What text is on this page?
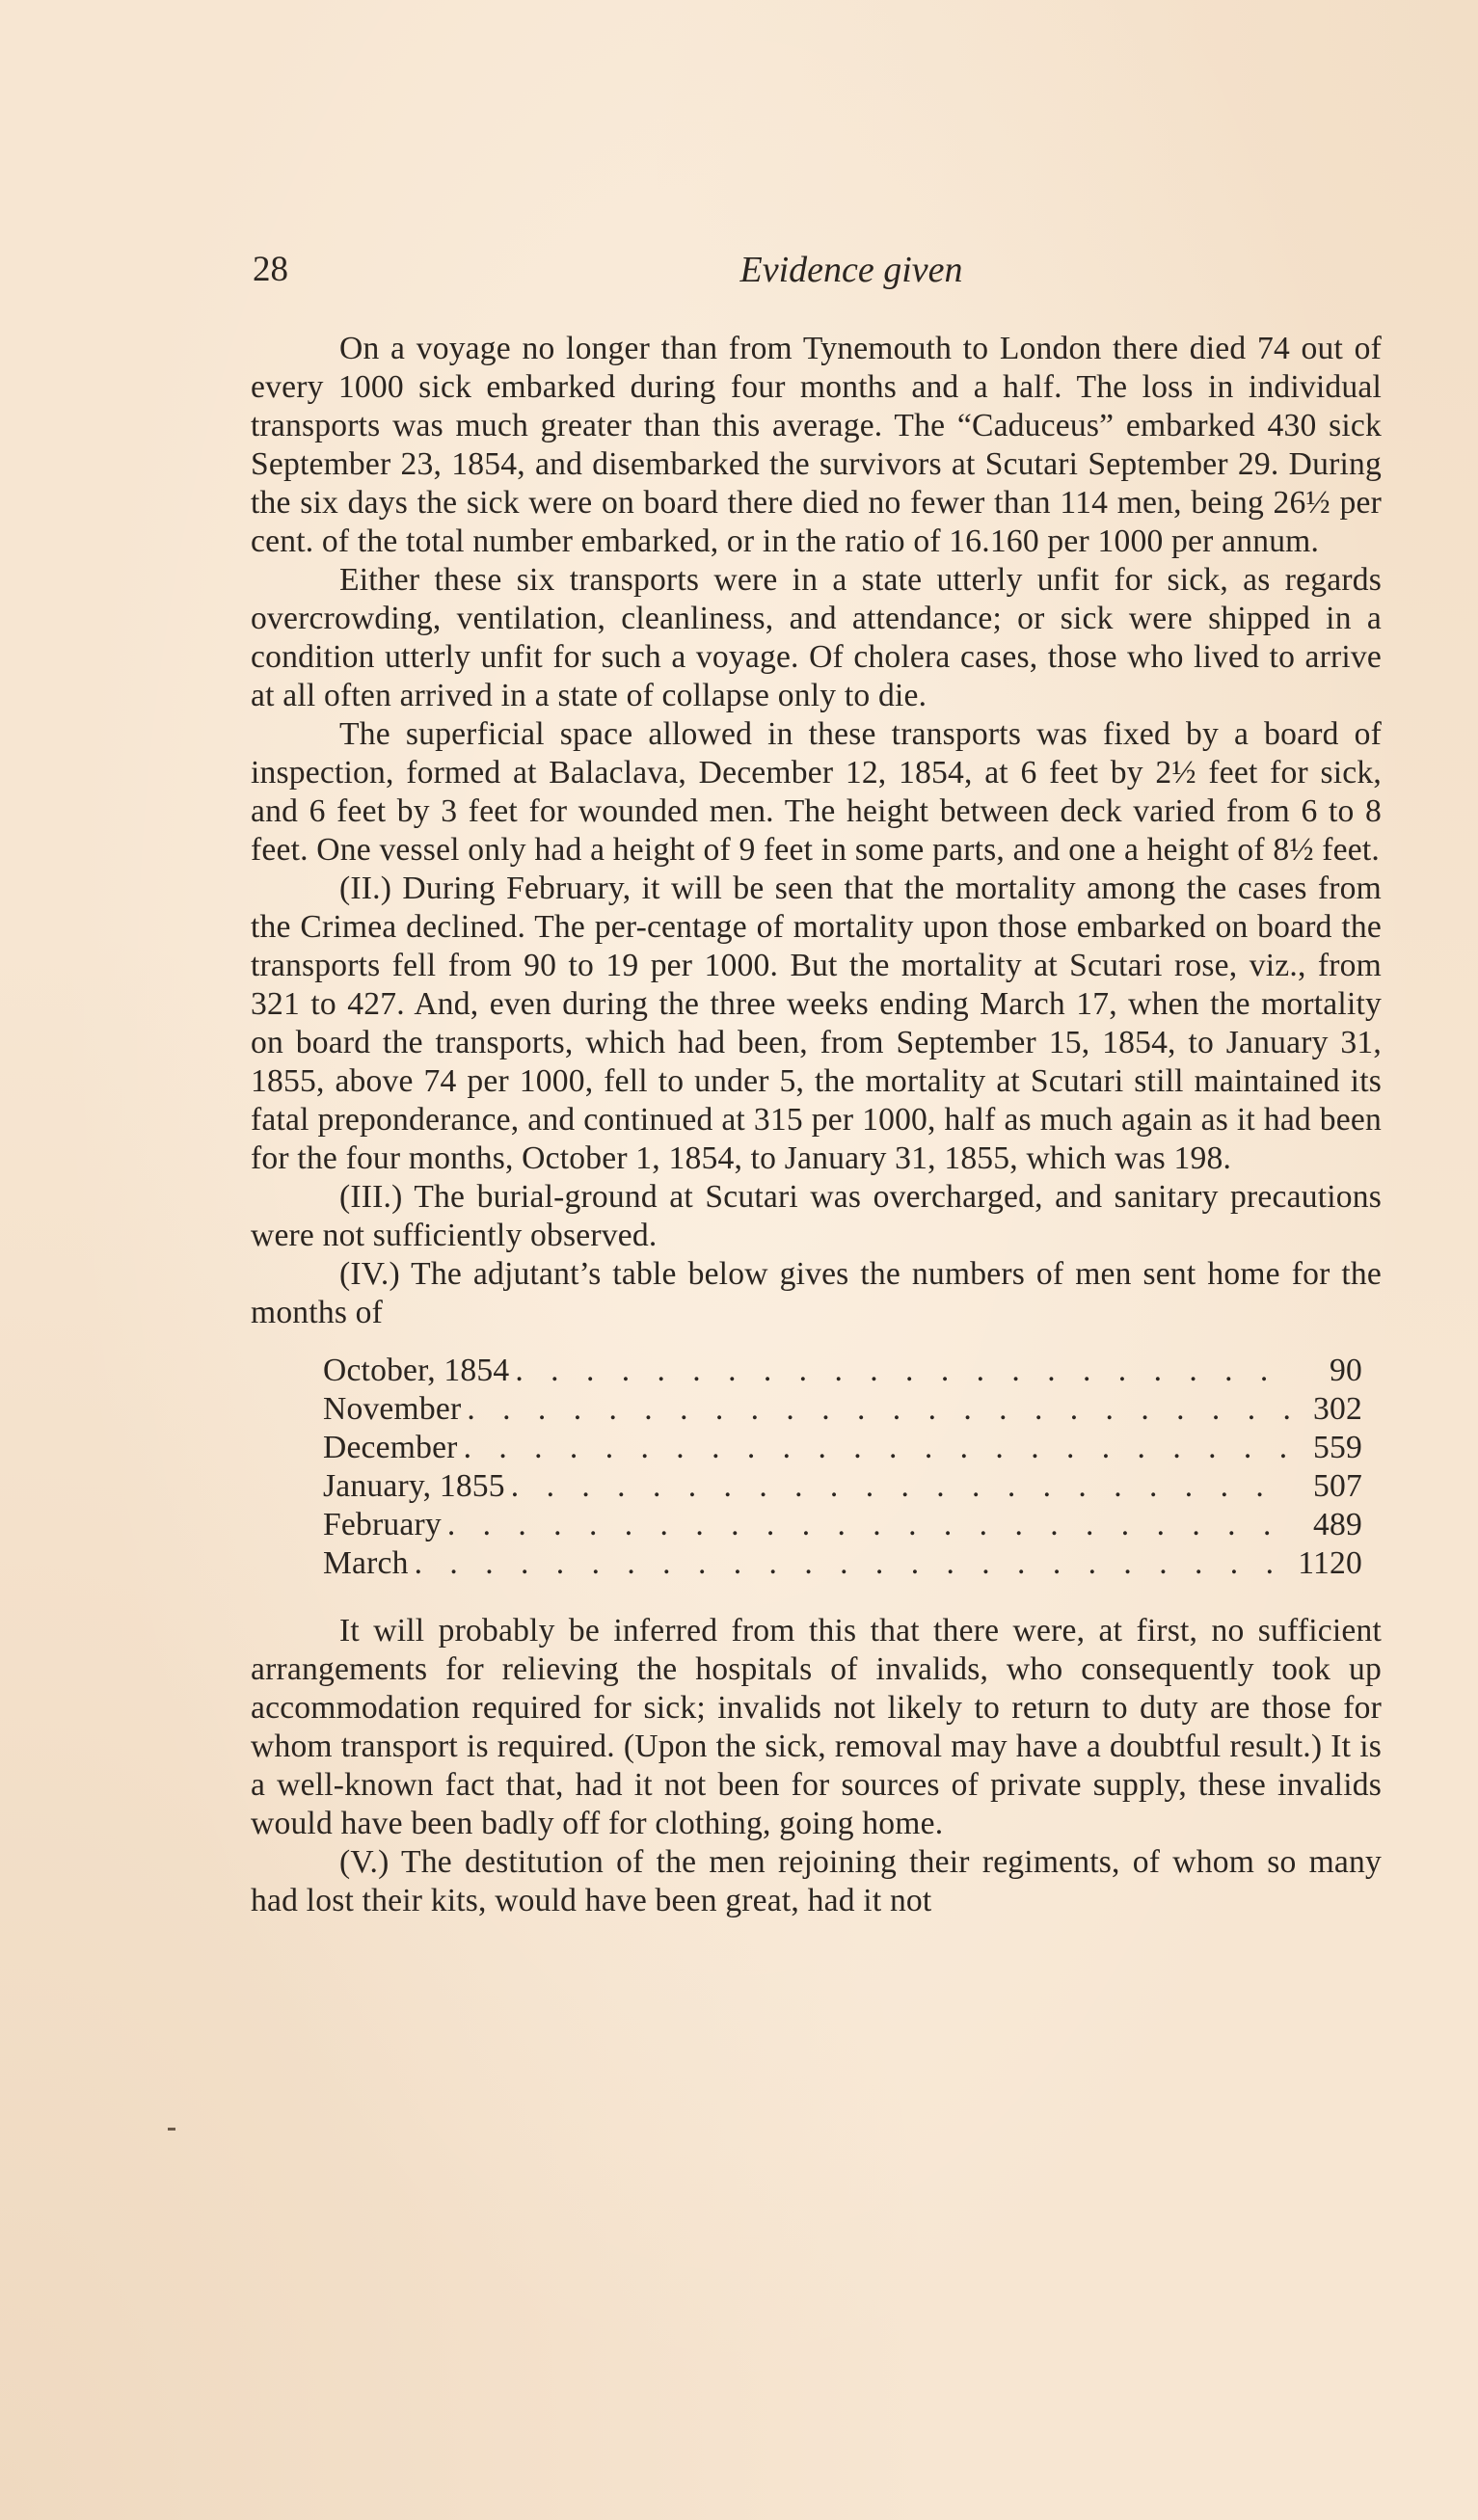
28	Evidence given

On a voyage no longer than from Tynemouth to London there died 74 out of every 1000 sick embarked during four months and a half. The loss in individual transports was much greater than this average. The “Caduceus” embarked 430 sick September 23, 1854, and disembarked the survivors at Scutari September 29. During the six days the sick were on board there died no fewer than 114 men, being 26½ per cent. of the total number embarked, or in the ratio of 16.160 per 1000 per annum.

Either these six transports were in a state utterly unfit for sick, as regards overcrowding, ventilation, cleanliness, and attendance; or sick were shipped in a condition utterly unfit for such a voyage. Of cholera cases, those who lived to arrive at all often arrived in a state of collapse only to die.

The superficial space allowed in these transports was fixed by a board of inspection, formed at Balaclava, December 12, 1854, at 6 feet by 2½ feet for sick, and 6 feet by 3 feet for wounded men. The height between deck varied from 6 to 8 feet. One vessel only had a height of 9 feet in some parts, and one a height of 8½ feet.

(II.) During February, it will be seen that the mortality among the cases from the Crimea declined. The per-centage of mortality upon those embarked on board the transports fell from 90 to 19 per 1000. But the mortality at Scutari rose, viz., from 321 to 427. And, even during the three weeks ending March 17, when the mortality on board the transports, which had been, from September 15, 1854, to January 31, 1855, above 74 per 1000, fell to under 5, the mortality at Scutari still maintained its fatal preponderance, and continued at 315 per 1000, half as much again as it had been for the four months, October 1, 1854, to January 31, 1855, which was 198.

(III.) The burial-ground at Scutari was overcharged, and sanitary precautions were not sufficiently observed.

(IV.) The adjutant’s table below gives the numbers of men sent home for the months of

October, 1854 . . .	90
November . . .	302
December . . .	559
January, 1855 . . .	507
February . . .	489
March . . .	1120

It will probably be inferred from this that there were, at first, no sufficient arrangements for relieving the hospitals of invalids, who consequently took up accommodation required for sick; invalids not likely to return to duty are those for whom transport is required. (Upon the sick, removal may have a doubtful result.) It is a well-known fact that, had it not been for sources of private supply, these invalids would have been badly off for clothing, going home.

(V.) The destitution of the men rejoining their regiments, of whom so many had lost their kits, would have been great, had it not
